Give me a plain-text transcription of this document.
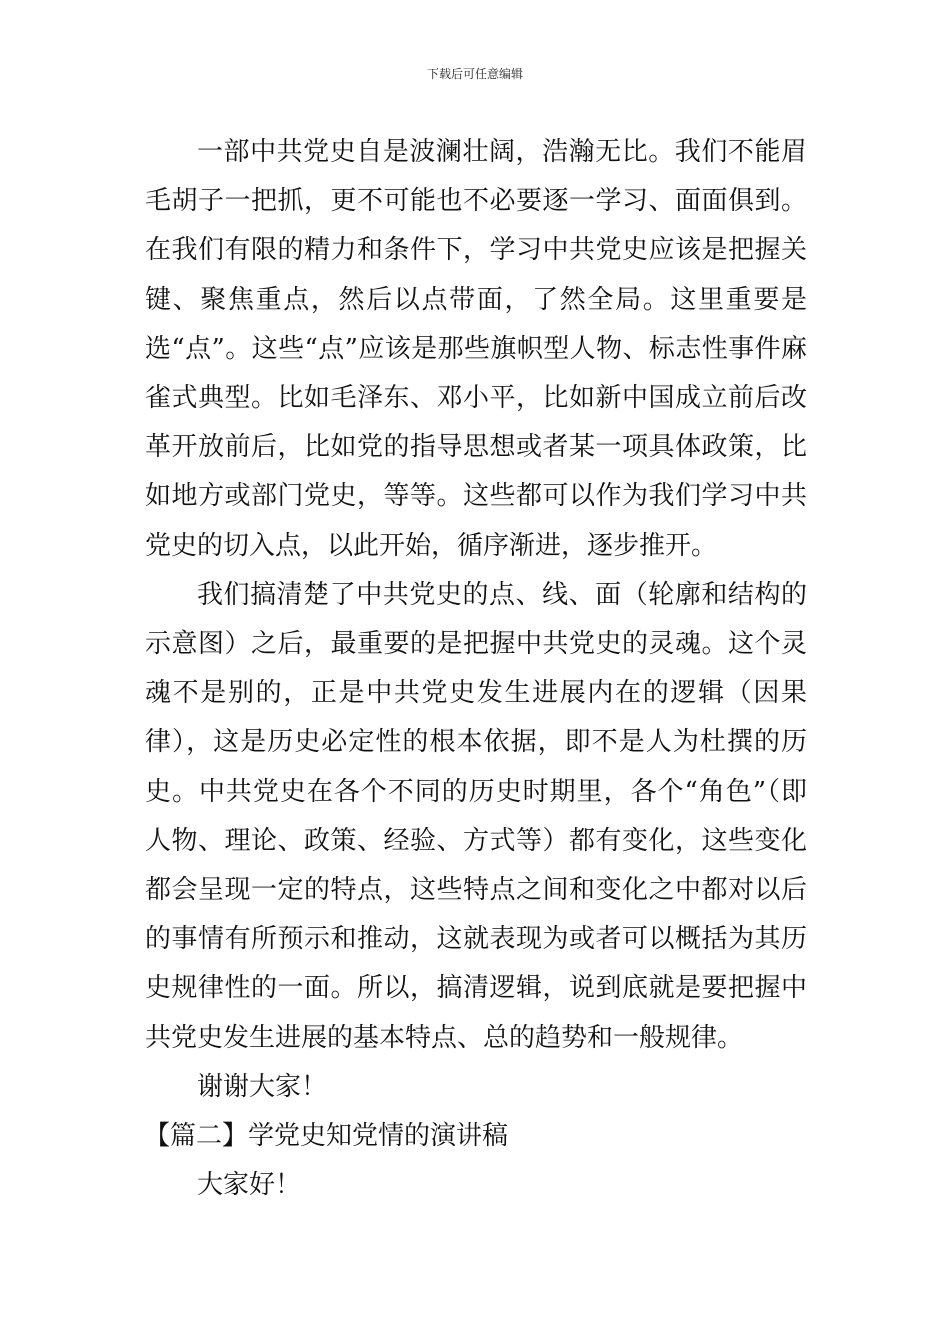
下载后可任意编辑

一部中共党史自是波澜壮阔，浩瀚无比。我们不能眉毛胡子一把抓，更不可能也不必要逐一学习、面面俱到。在我们有限的精力和条件下，学习中共党史应该是把握关键、聚焦重点，然后以点带面，了然全局。这里重要是选“点”。这些“点”应该是那些旗帜型人物、标志性事件麻雀式典型。比如毛泽东、邓小平，比如新中国成立前后改革开放前后，比如党的指导思想或者某一项具体政策，比如地方或部门党史，等等。这些都可以作为我们学习中共党史的切入点，以此开始，循序渐进，逐步推开。

我们搞清楚了中共党史的点、线、面（轮廓和结构的示意图）之后，最重要的是把握中共党史的灵魂。这个灵魂不是别的，正是中共党史发生进展内在的逻辑（因果律），这是历史必定性的根本依据，即不是人为杜撰的历史。中共党史在各个不同的历史时期里，各个“角色”（即人物、理论、政策、经验、方式等）都有变化，这些变化都会呈现一定的特点，这些特点之间和变化之中都对以后的事情有所预示和推动，这就表现为或者可以概括为其历史规律性的一面。所以，搞清逻辑，说到底就是要把握中共党史发生进展的基本特点、总的趋势和一般规律。

谢谢大家！

【篇二】学党史知党情的演讲稿

大家好！
